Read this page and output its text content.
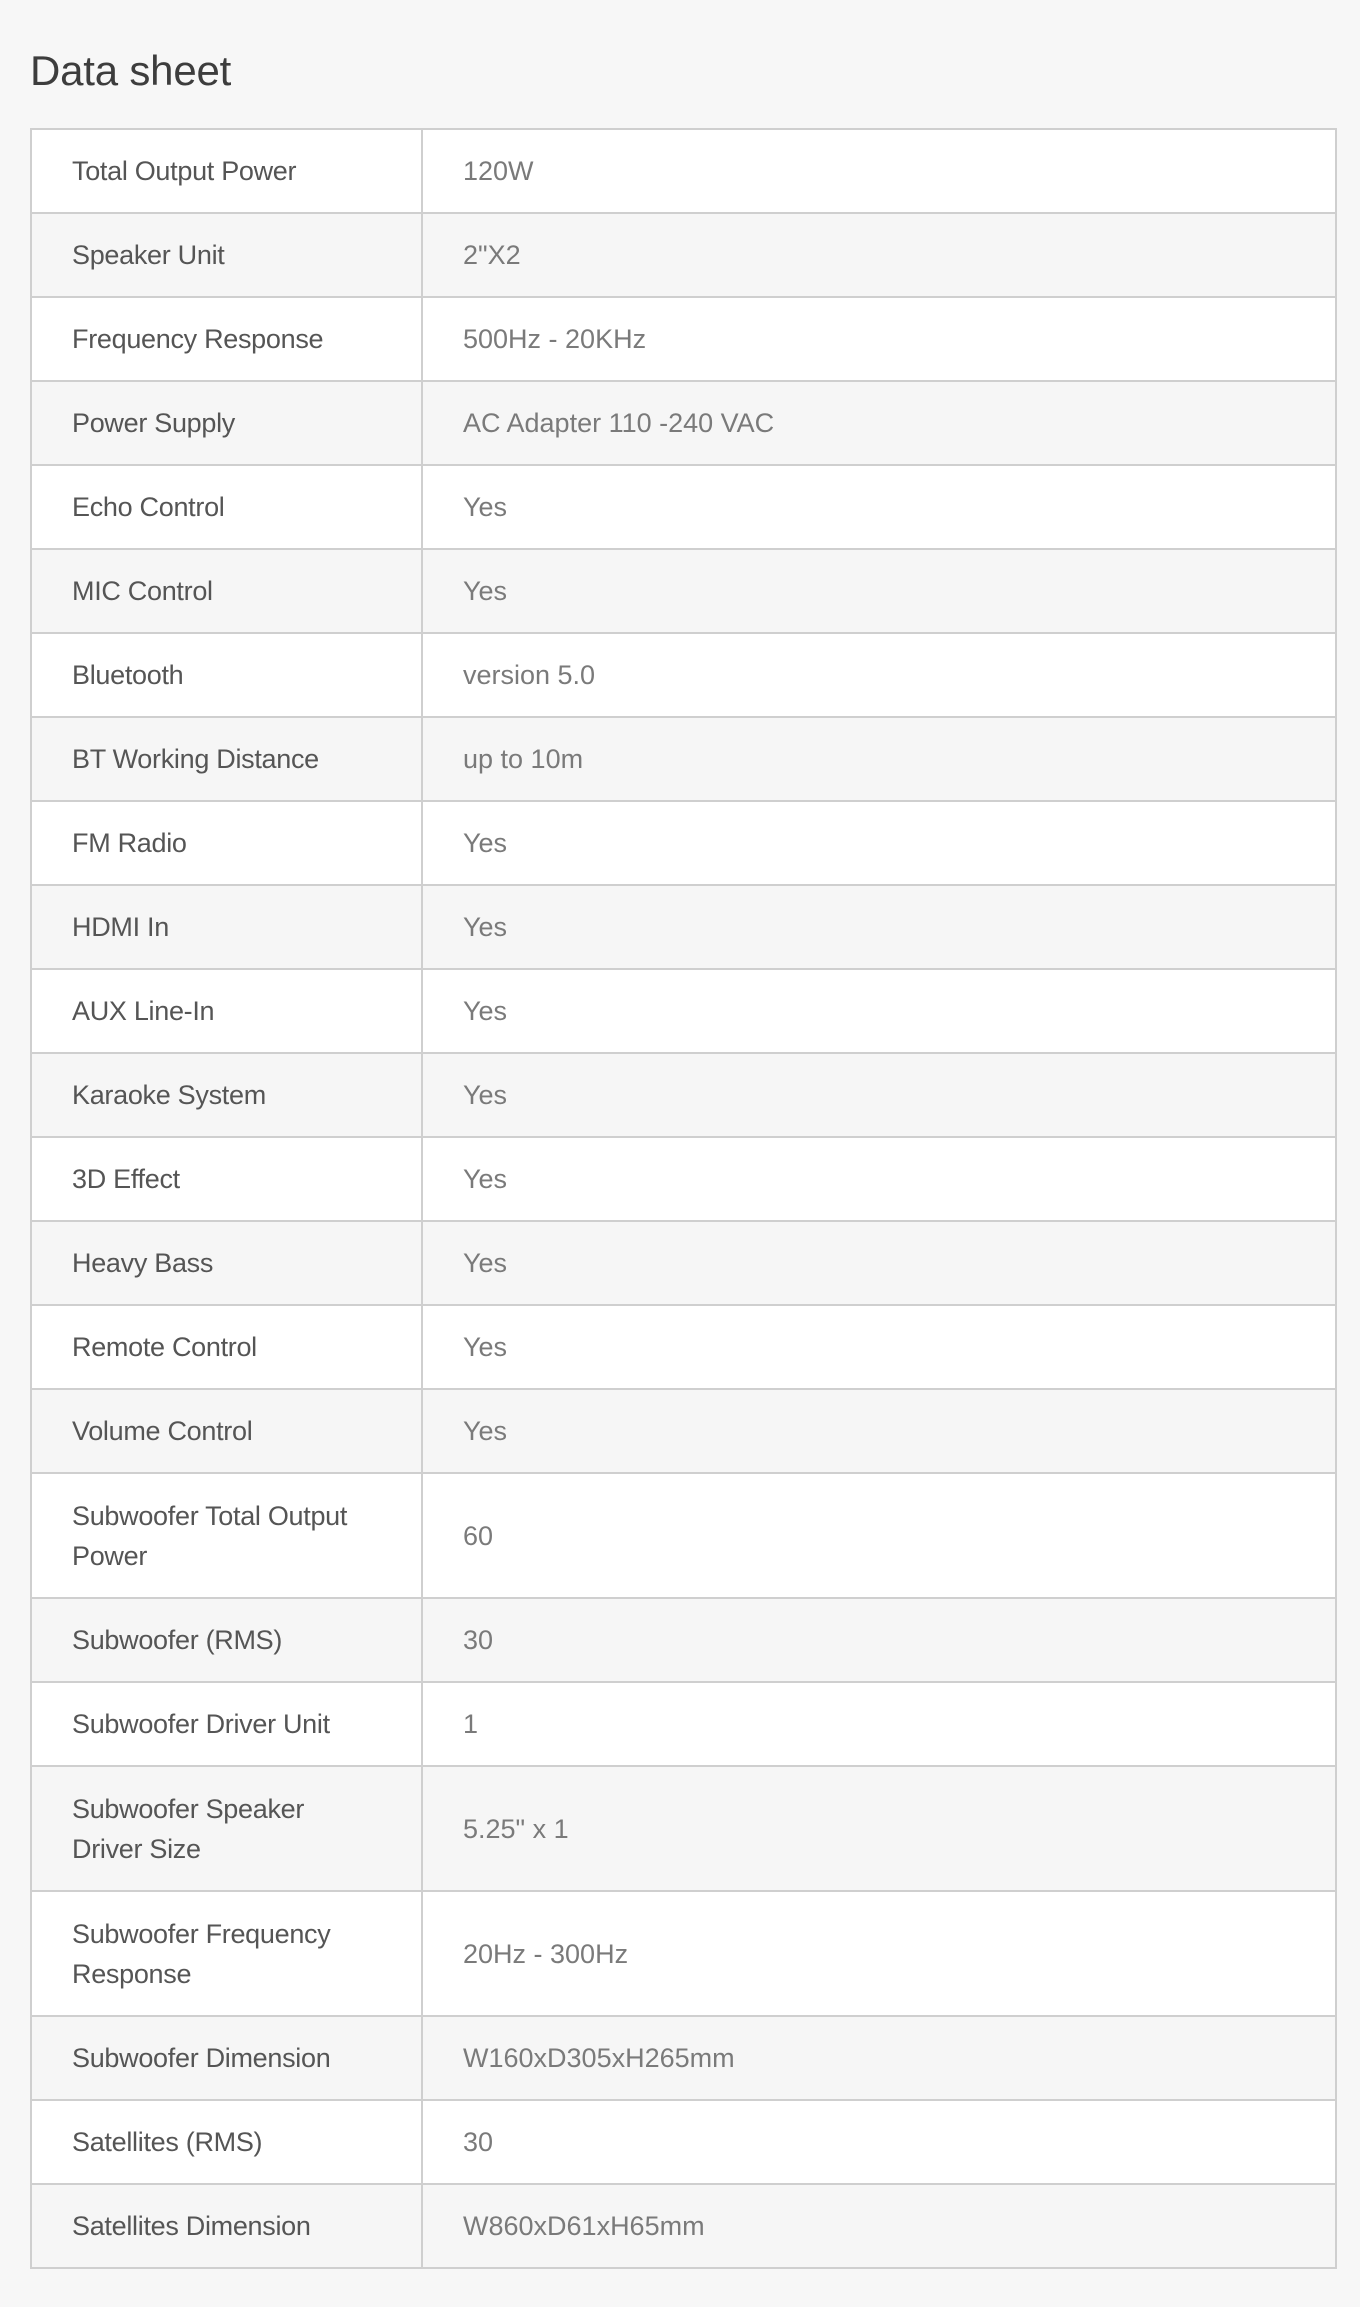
Data sheet
Total Output Power	120W
Speaker Unit	2"X2
Frequency Response	500Hz - 20KHz
Power Supply	AC Adapter 110 -240 VAC
Echo Control	Yes
MIC Control	Yes
Bluetooth	version 5.0
BT Working Distance	up to 10m
FM Radio	Yes
HDMI In	Yes
AUX Line-In	Yes
Karaoke System	Yes
3D Effect	Yes
Heavy Bass	Yes
Remote Control	Yes
Volume Control	Yes
Subwoofer Total Output Power	60
Subwoofer (RMS)	30
Subwoofer Driver Unit	1
Subwoofer Speaker Driver Size	5.25" x 1
Subwoofer Frequency Response	20Hz - 300Hz
Subwoofer Dimension	W160xD305xH265mm
Satellites (RMS)	30
Satellites Dimension	W860xD61xH65mm
